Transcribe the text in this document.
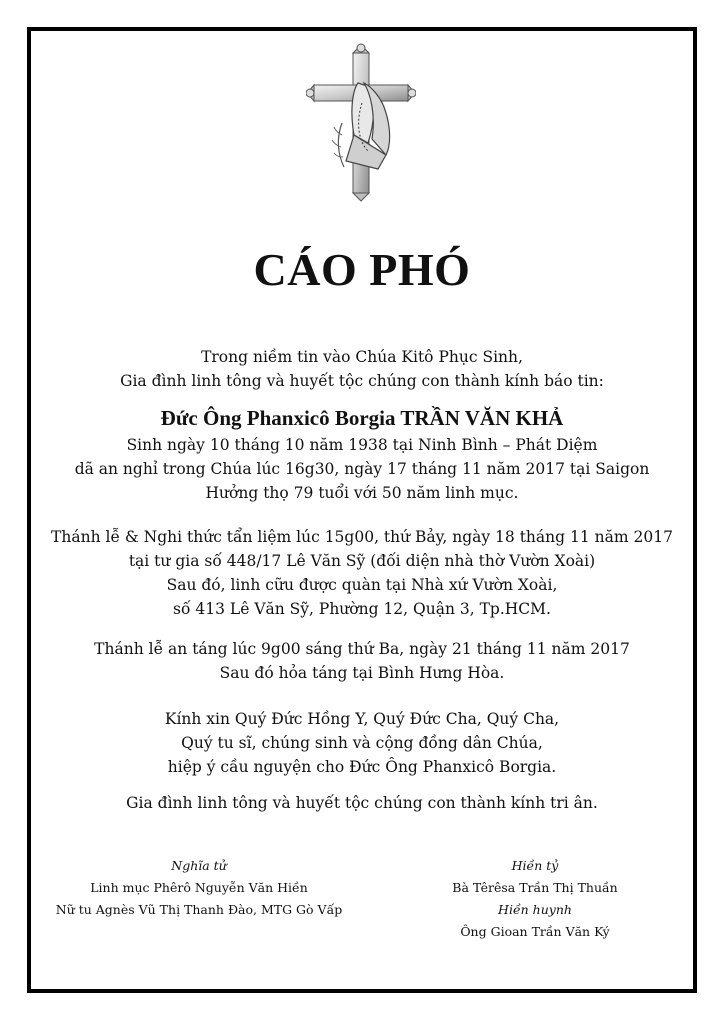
CÁO PHÓ
Trong niềm tin vào Chúa Kitô Phục Sinh,
Gia đình linh tông và huyết tộc chúng con thành kính báo tin:
Đức Ông Phanxicô Borgia TRẦN VĂN KHẢ
Sinh ngày 10 tháng 10 năm 1938 tại Ninh Bình – Phát Diệm
dã an nghỉ trong Chúa lúc 16g30, ngày 17 tháng 11 năm 2017 tại Saigon
Hưởng thọ 79 tuổi với 50 năm linh mục.
Thánh lễ & Nghi thức tẩn liệm lúc 15g00, thứ Bảy, ngày 18 tháng 11 năm 2017
tại tư gia số 448/17 Lê Văn Sỹ (đối diện nhà thờ Vườn Xoài)
Sau đó, linh cữu được quàn tại Nhà xứ Vườn Xoài,
số 413 Lê Văn Sỹ, Phường 12, Quận 3, Tp.HCM.
Thánh lễ an táng lúc 9g00 sáng thứ Ba, ngày 21 tháng 11 năm 2017
Sau đó hỏa táng tại Bình Hưng Hòa.
Kính xin Quý Đức Hồng Y, Quý Đức Cha, Quý Cha,
Quý tu sĩ, chúng sinh và cộng đồng dân Chúa,
hiệp ý cầu nguyện cho Đức Ông Phanxicô Borgia.
Gia đình linh tông và huyết tộc chúng con thành kính tri ân.
Nghĩa tử
Linh mục Phêrô Nguyễn Văn Hiền
Nữ tu Agnès Vũ Thị Thanh Đào, MTG Gò Vấp
Hiền tỷ
Bà Têrêsa Trần Thị Thuần
Hiền huynh
Ông Gioan Trần Văn Ký
